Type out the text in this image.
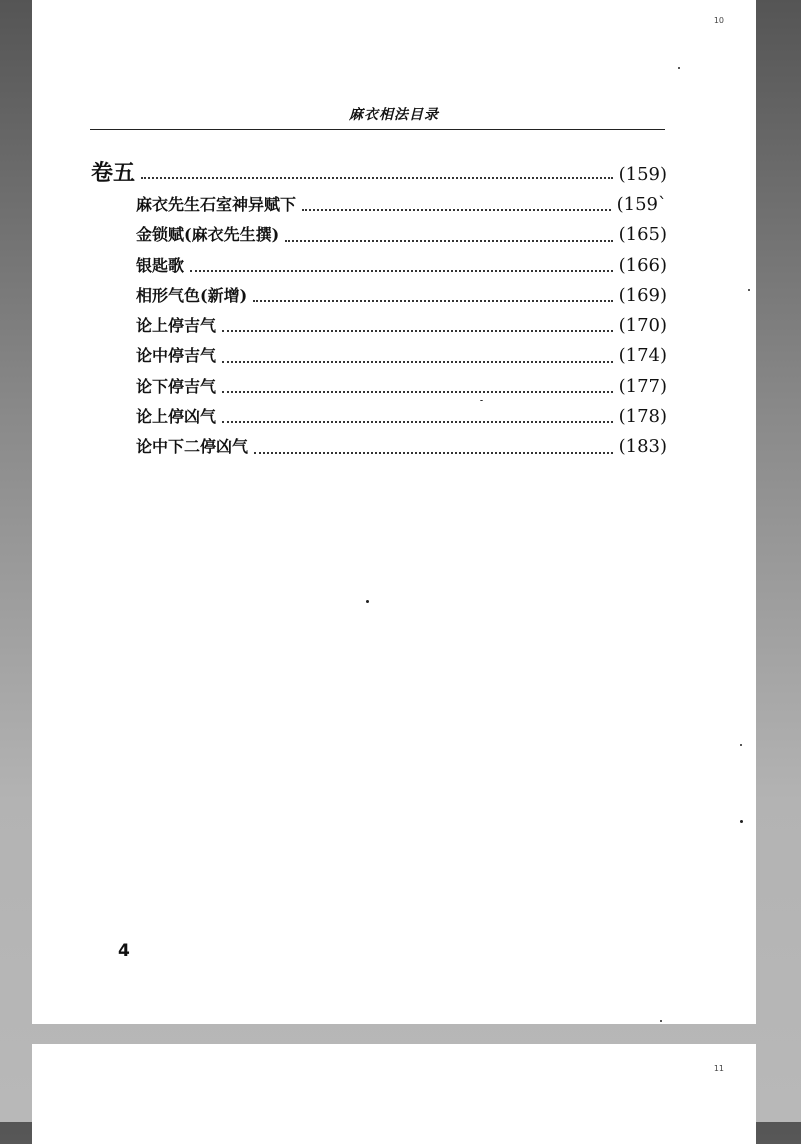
10
麻衣相法目录
卷五	(159)
麻衣先生石室神异赋下	(159`
金锁赋(麻衣先生撰)	(165)
银匙歌	(166)
相形气色(新增)	(169)
论上停吉气	(170)
论中停吉气	(174)
论下停吉气	(177)
论上停凶气	(178)
论中下二停凶气	(183)
4
11
